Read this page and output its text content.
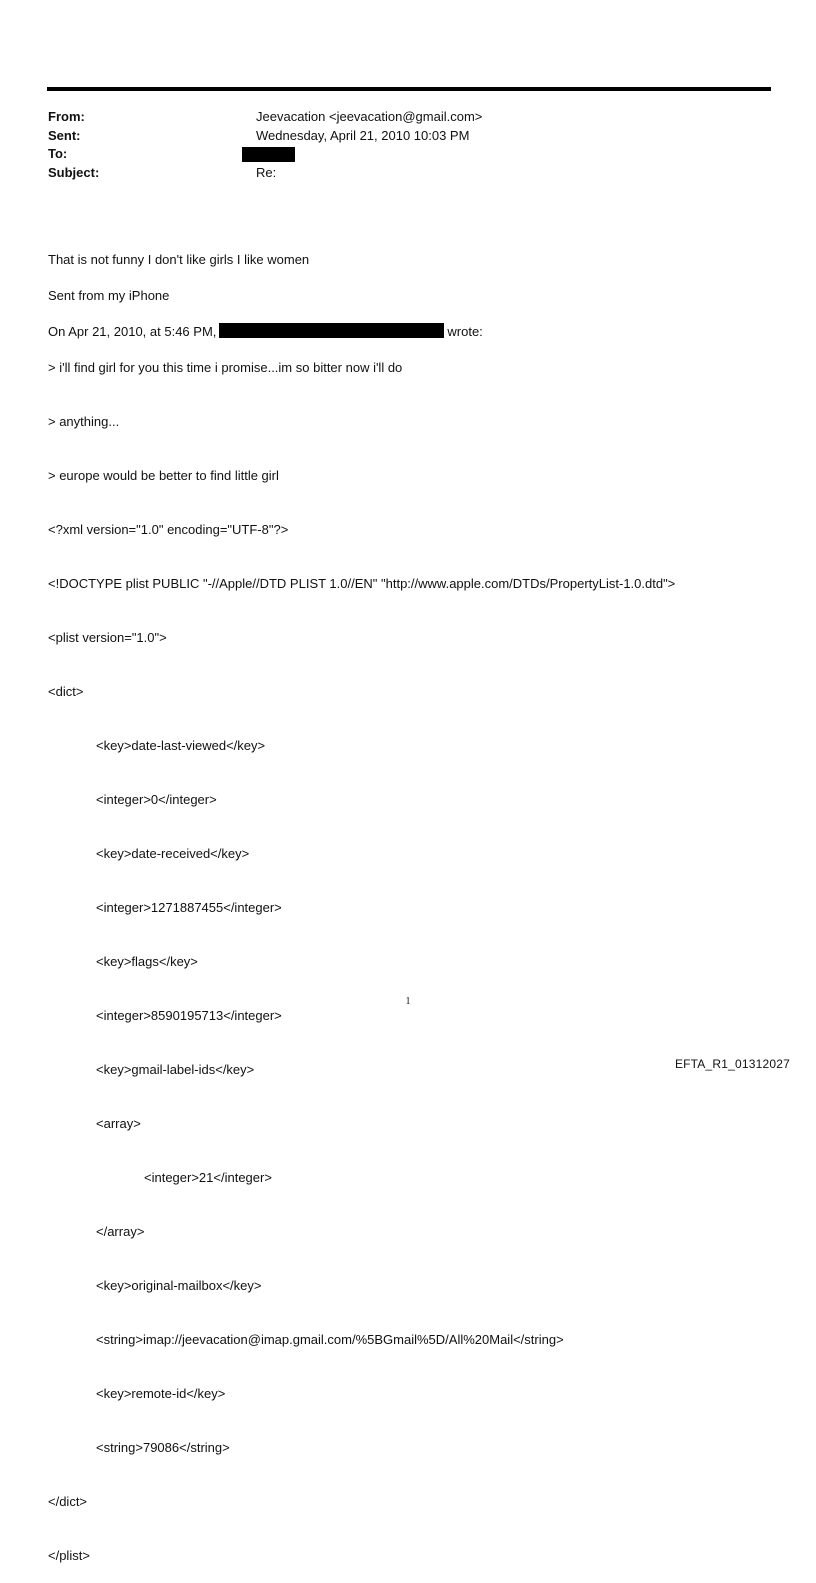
From:	Jeevacation <jeevacation@gmail.com>
Sent:	Wednesday, April 21, 2010 10:03 PM
To:
Subject:	Re:

That is not funny I don't like girls I like women

Sent from my iPhone

On Apr 21, 2010, at 5:46 PM,	wrote:

> i'll find girl for you this time i promise...im so bitter now i'll do

> anything...

> europe would be better to find little girl

<?xml version="1.0" encoding="UTF-8"?>

<!DOCTYPE plist PUBLIC "-//Apple//DTD PLIST 1.0//EN" "http://www.apple.com/DTDs/PropertyList-1.0.dtd">

<plist version="1.0">

<dict>

<key>date-last-viewed</key>

<integer>0</integer>

<key>date-received</key>

<integer>1271887455</integer>

<key>flags</key>

<integer>8590195713</integer>

<key>gmail-label-ids</key>

<array>

<integer>21</integer>

</array>

<key>original-mailbox</key>

<string>imap://jeevacation@imap.gmail.com/%5BGmail%5D/All%20Mail</string>

<key>remote-id</key>

<string>79086</string>

</dict>

</plist>

1
EFTA_R1_01312027
